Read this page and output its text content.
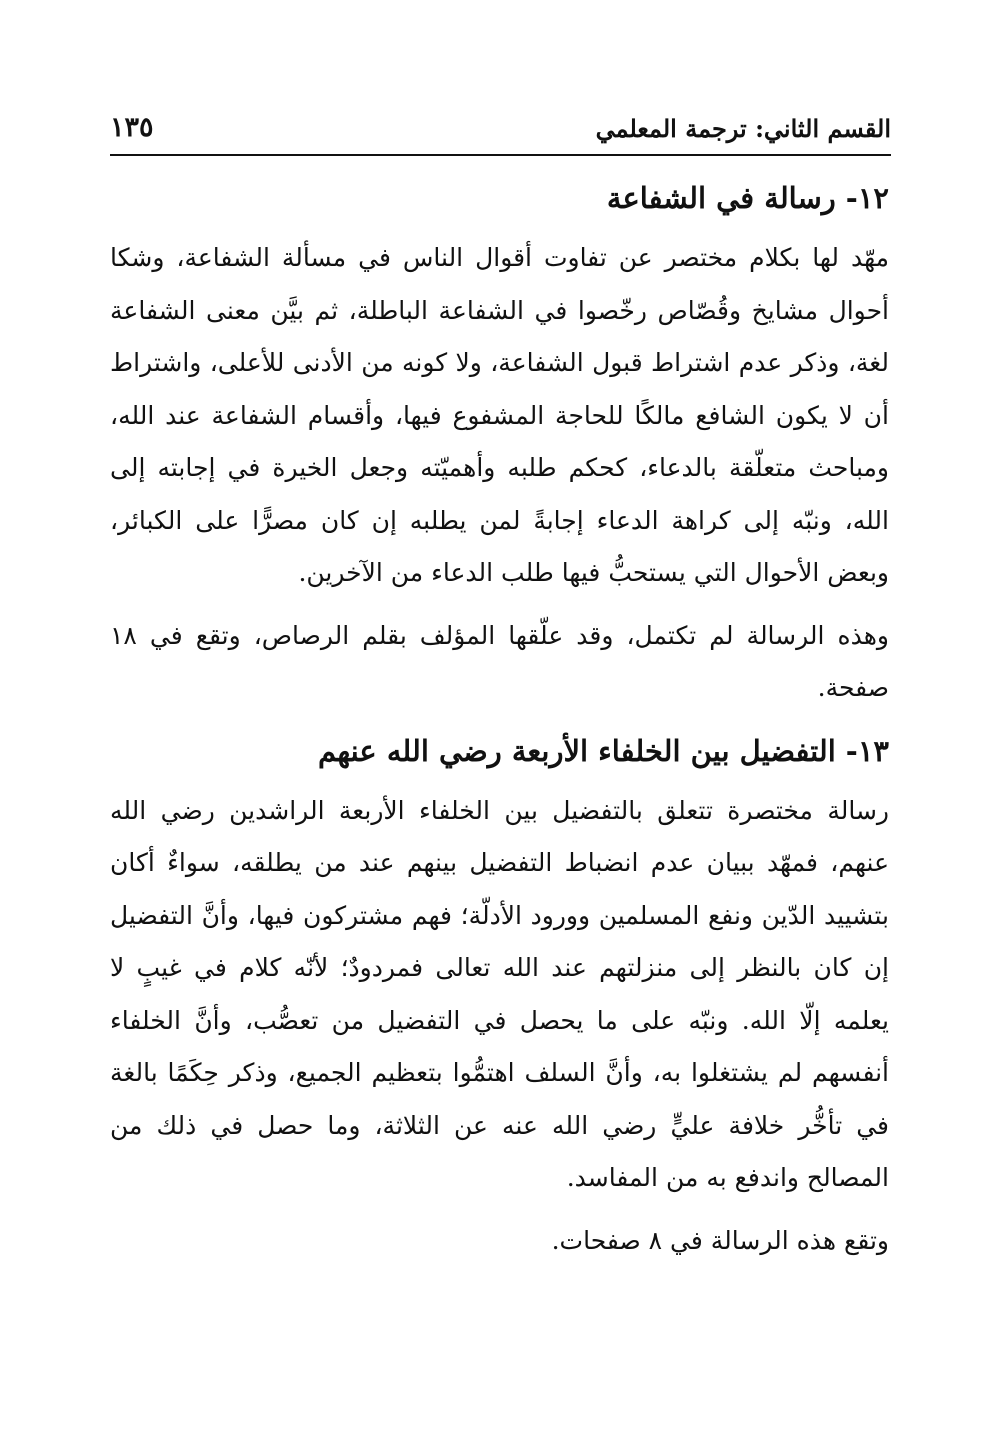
القسم الثاني: ترجمة المعلمي
١٣٥
١٢-رسالة في الشفاعة

مهّد لها بكلام مختصر عن تفاوت أقوال الناس في مسألة الشفاعة، وشكا أحوال مشايخ وقُصّاص رخّصوا في الشفاعة الباطلة، ثم بيَّن معنى الشفاعة لغة، وذكر عدم اشتراط قبول الشفاعة، ولا كونه من الأدنى للأعلى، واشتراط أن لا يكون الشافع مالكًا للحاجة المشفوع فيها، وأقسام الشفاعة عند الله، ومباحث متعلّقة بالدعاء، كحكم طلبه وأهميّته وجعل الخيرة في إجابته إلى الله، ونبّه إلى كراهة الدعاء إجابةً لمن يطلبه إن كان مصرًّا على الكبائر، وبعض الأحوال التي يستحبُّ فيها طلب الدعاء من الآخرين.

وهذه الرسالة لم تكتمل، وقد علّقها المؤلف بقلم الرصاص، وتقع في ١٨ صفحة.

١٣-التفضيل بين الخلفاء الأربعة رضي الله عنهم

رسالة مختصرة تتعلق بالتفضيل بين الخلفاء الأربعة الراشدين رضي الله عنهم، فمهّد ببيان عدم انضباط التفضيل بينهم عند من يطلقه، سواءٌ أكان بتشييد الدّين ونفع المسلمين وورود الأدلّة؛ فهم مشتركون فيها، وأنَّ التفضيل إن كان بالنظر إلى منزلتهم عند الله تعالى فمردودٌ؛ لأنّه كلام في غيبٍ لا يعلمه إلّا الله. ونبّه على ما يحصل في التفضيل من تعصُّب، وأنَّ الخلفاء أنفسهم لم يشتغلوا به، وأنَّ السلف اهتمُّوا بتعظيم الجميع، وذكر حِكَمًا بالغة في تأخُّر خلافة عليٍّ رضي الله عنه عن الثلاثة، وما حصل في ذلك من المصالح واندفع به من المفاسد.

وتقع هذه الرسالة في ٨ صفحات.
